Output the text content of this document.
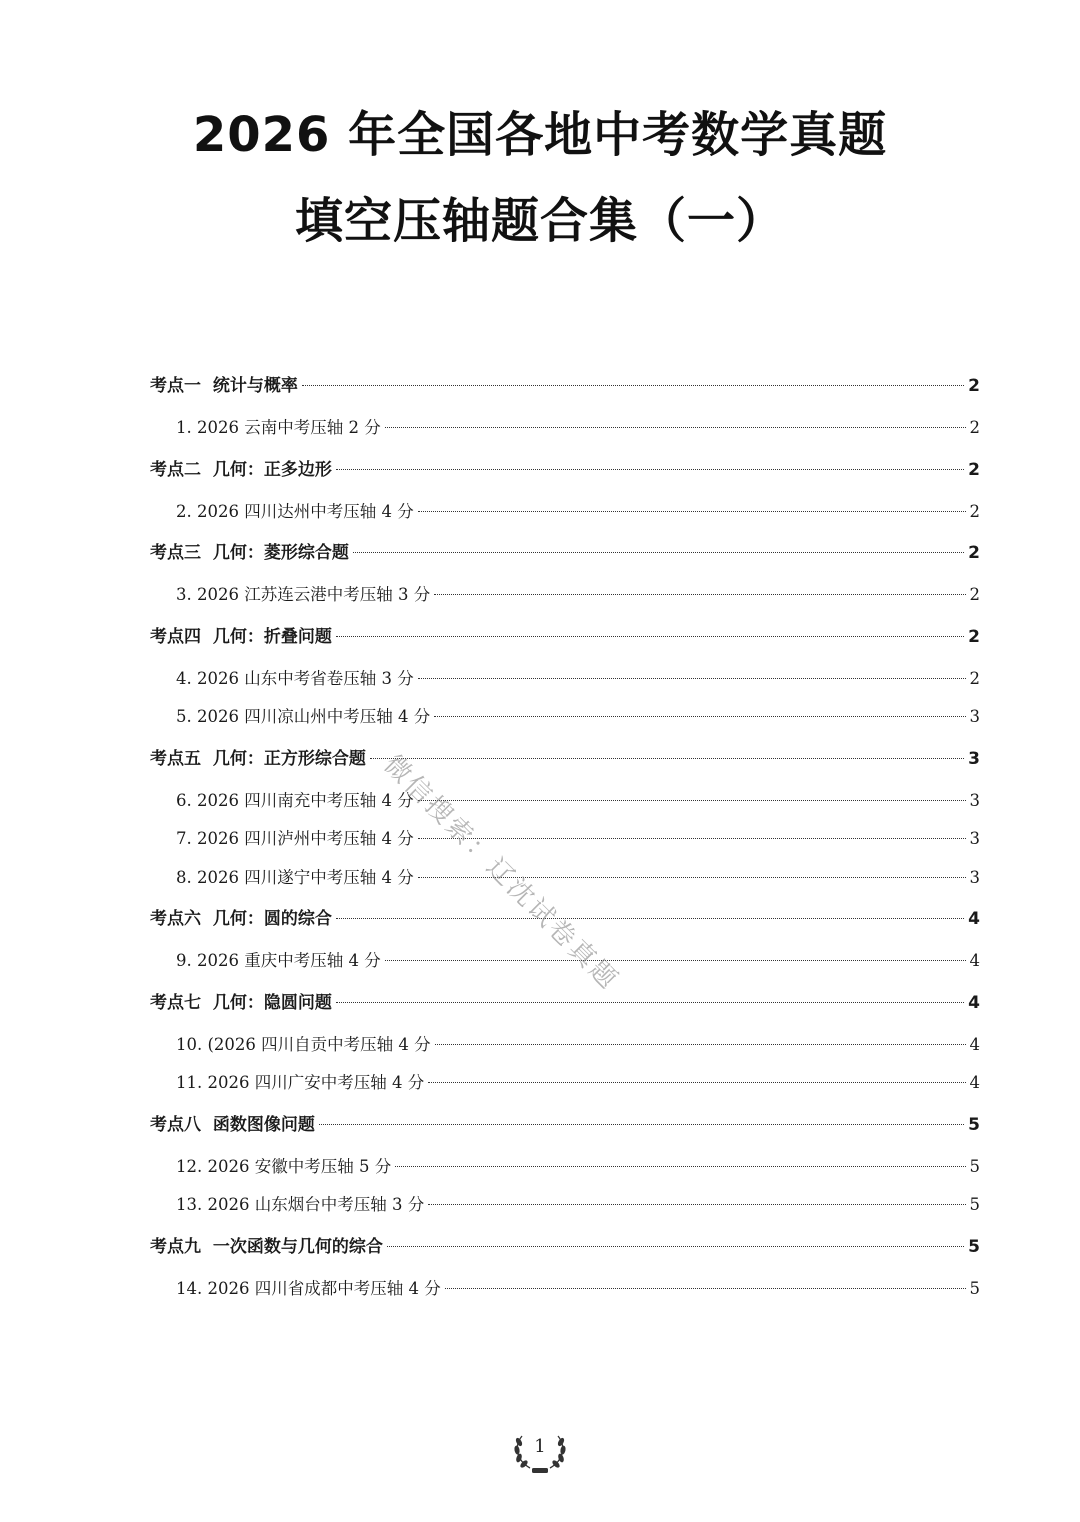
2026 年全国各地中考数学真题
填空压轴题合集（一）
考点一  统计与概率	2
1. 2026 云南中考压轴 2 分	2
考点二  几何：正多边形	2
2. 2026 四川达州中考压轴 4 分	2
考点三  几何：菱形综合题	2
3. 2026 江苏连云港中考压轴 3 分	2
考点四  几何：折叠问题	2
4. 2026 山东中考省卷压轴 3 分	2
5. 2026 四川凉山州中考压轴 4 分	3
考点五  几何：正方形综合题	3
6. 2026 四川南充中考压轴 4 分	3
7. 2026 四川泸州中考压轴 4 分	3
8. 2026 四川遂宁中考压轴 4 分	3
考点六  几何：圆的综合	4
9. 2026 重庆中考压轴 4 分	4
考点七  几何：隐圆问题	4
10. (2026 四川自贡中考压轴 4 分	4
11. 2026 四川广安中考压轴 4 分	4
考点八  函数图像问题	5
12. 2026 安徽中考压轴 5 分	5
13. 2026 山东烟台中考压轴 3 分	5
考点九  一次函数与几何的综合	5
14. 2026 四川省成都中考压轴 4 分	5
微信搜索：辽沈试卷真题
1
